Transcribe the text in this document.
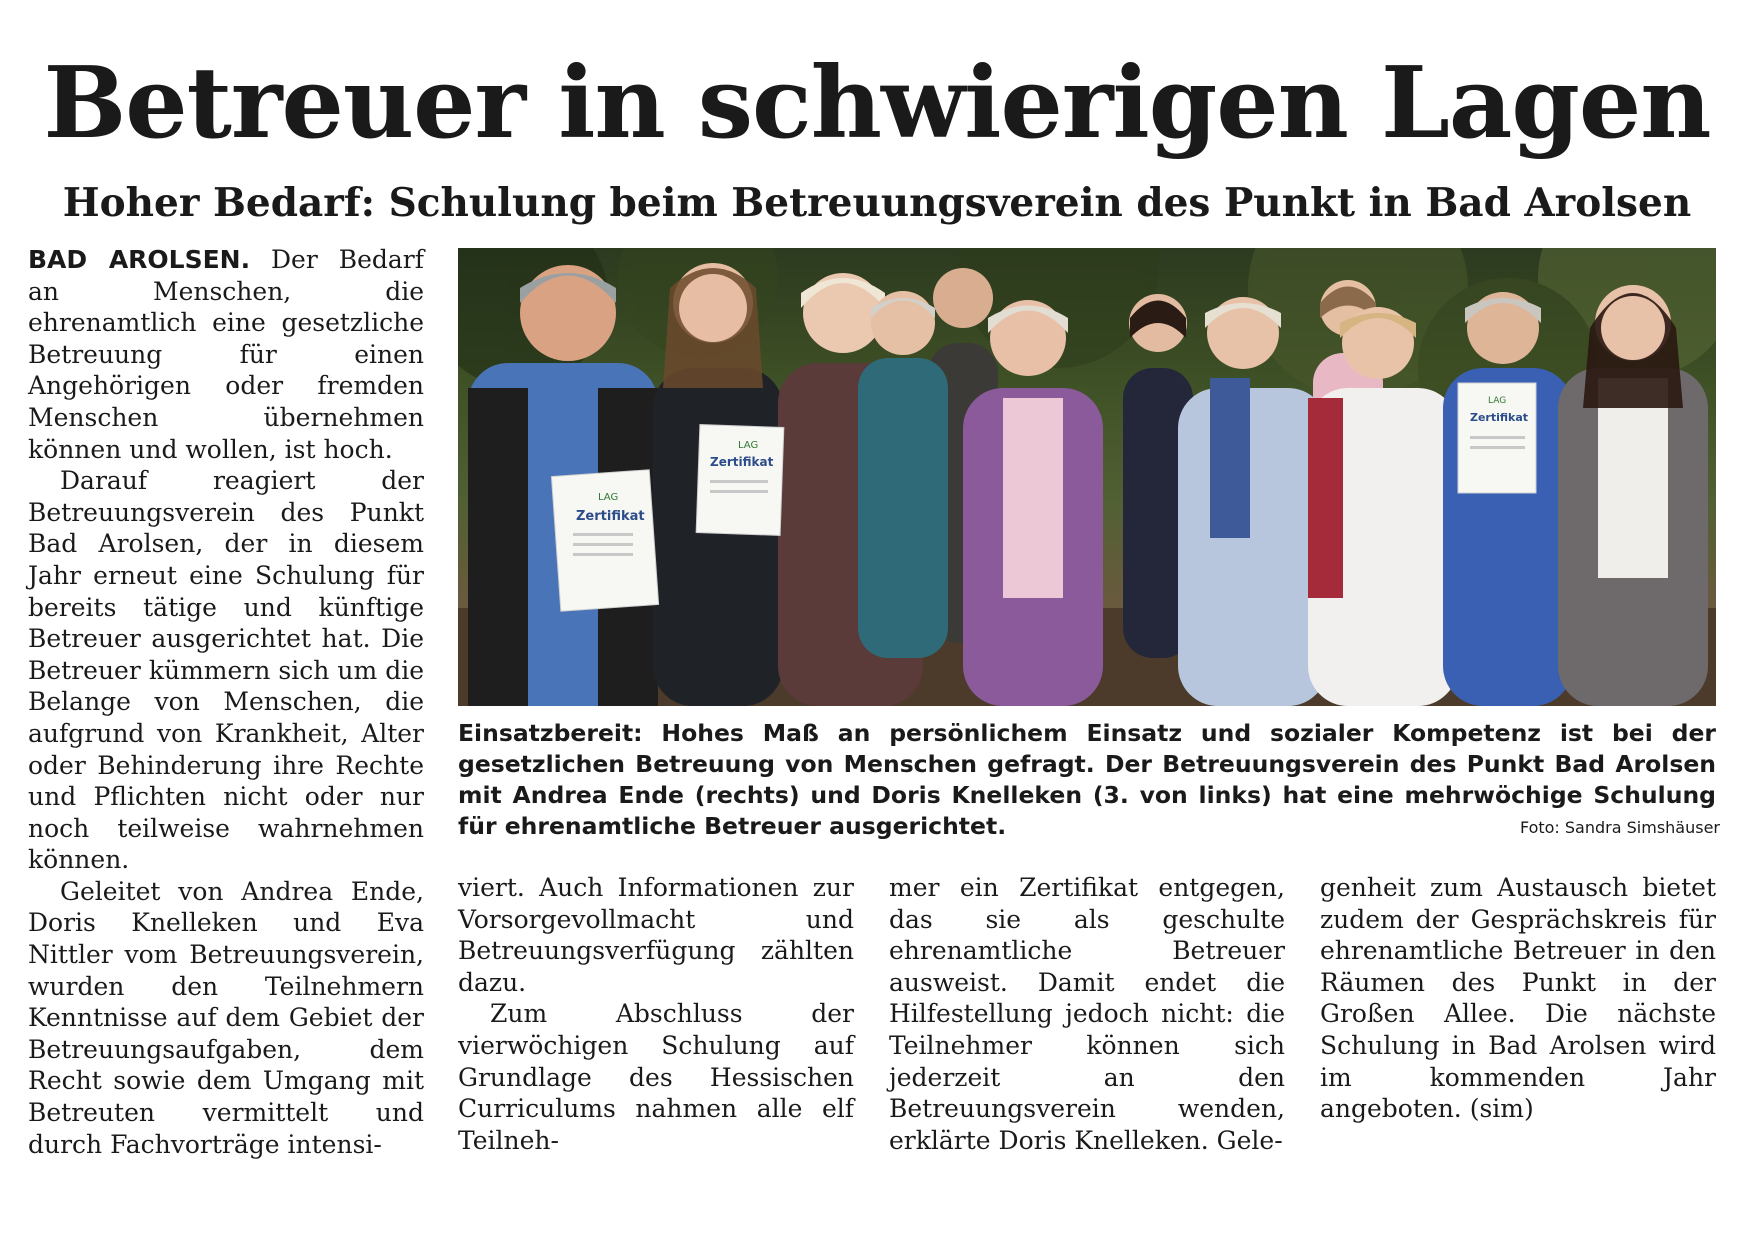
Betreuer in schwierigen Lagen
Hoher Bedarf: Schulung beim Betreuungsverein des Punkt in Bad Arolsen

BAD AROLSEN. Der Bedarf an Menschen, die ehrenamtlich eine gesetzliche Betreuung für einen Angehörigen oder fremden Menschen übernehmen können und wollen, ist hoch.

Darauf reagiert der Betreuungsverein des Punkt Bad Arolsen, der in diesem Jahr erneut eine Schulung für bereits tätige und künftige Betreuer ausgerichtet hat. Die Betreuer kümmern sich um die Belange von Menschen, die aufgrund von Krankheit, Alter oder Behinderung ihre Rechte und Pflichten nicht oder nur noch teilweise wahrnehmen können.

Geleitet von Andrea Ende, Doris Knelleken und Eva Nittler vom Betreuungsverein, wurden den Teilnehmern Kenntnisse auf dem Gebiet der Betreuungsaufgaben, dem Recht sowie dem Umgang mit Betreuten vermittelt und durch Fachvorträge intensi-

LAG
Zertifikat
LAG
Zertifikat
LAG
Zertifikat

Einsatzbereit: Hohes Maß an persönlichem Einsatz und sozialer Kompetenz ist bei der gesetzlichen Betreuung von Menschen gefragt. Der Betreuungsverein des Punkt Bad Arolsen mit Andrea Ende (rechts) und Doris Knelleken (3. von links) hat eine mehrwöchige Schulung für ehrenamtliche Betreuer ausgerichtet.	Foto: Sandra Simshäuser

viert. Auch Informationen zur Vorsorgevollmacht und Betreuungsverfügung zählten dazu.

Zum Abschluss der vierwöchigen Schulung auf Grundlage des Hessischen Curriculums nahmen alle elf Teilneh-

mer ein Zertifikat entgegen, das sie als geschulte ehrenamtliche Betreuer ausweist. Damit endet die Hilfestellung jedoch nicht: die Teilnehmer können sich jederzeit an den Betreuungsverein wenden, erklärte Doris Knelleken. Gele-

genheit zum Austausch bietet zudem der Gesprächskreis für ehrenamtliche Betreuer in den Räumen des Punkt in der Großen Allee. Die nächste Schulung in Bad Arolsen wird im kommenden Jahr angeboten. (sim)
